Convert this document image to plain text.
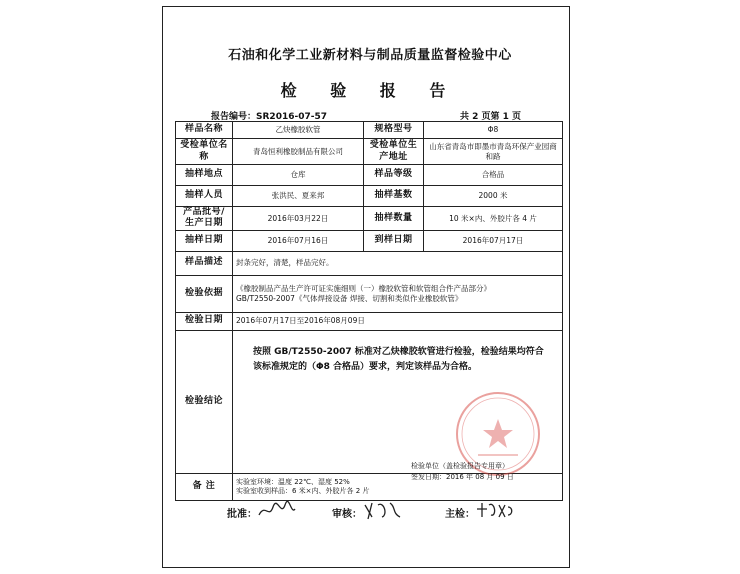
石油和化学工业新材料与制品质量监督检验中心
检 验 报 告
报告编号：SR2016-07-57	共 2 页第 1 页
样品名称	乙炔橡胶软管	规格型号	Φ8
受检单位名称	青岛恒利橡胶制品有限公司	受检单位生产地址	山东省青岛市即墨市青岛环保产业园商和路
抽样地点	仓库	样品等级	合格品
抽样人员	张洪民、夏来邦	抽样基数	2000 米
产品批号/生产日期	2016年03月22日	抽样数量	10 米×内、外胶片各 4 片
抽样日期	2016年07月16日	到样日期	2016年07月17日
样品描述	封条完好，清楚，样品完好。		
检验依据	《橡胶制品产品生产许可证实施细则（一）橡胶软管和软管组合件产品部分》
GB/T2550-2007《气体焊接设备 焊接、切割和类似作业橡胶软管》		

检验日期	2016年07月17日至2016年08月09日		
检验结论	按照 GB/T2550-2007 标准对乙炔橡胶软管进行检验，检验结果均符合该标准规定的（Φ8 合格品）要求，判定该样品为合格。
检验单位（盖检验报告专用章）
签发日期：2016 年 08 月 09 日		

备 注	实验室环境：温度 22℃、湿度 52%
实验室收到样品：6 米×内、外胶片各 2 片		
批准：	审核：	主检：
